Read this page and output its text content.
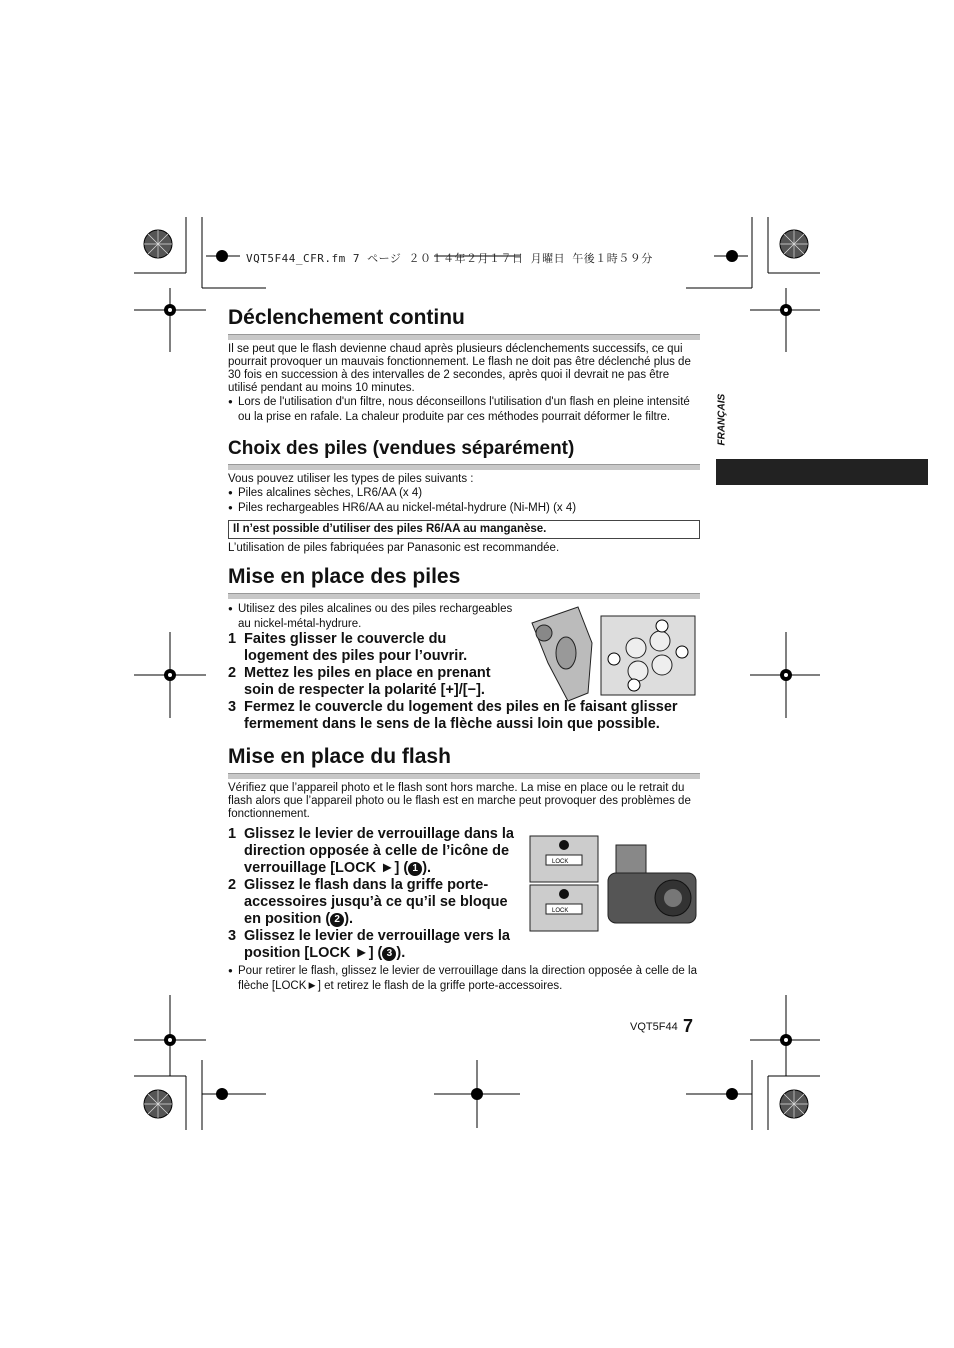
VQT5F44_CFR.fm 7 ページ ２０１４年２月１７日 月曜日 午後１時５９分
FRANÇAIS
Déclenchement continu

Il se peut que le flash devienne chaud après plusieurs déclenchements successifs, ce qui pourrait provoquer un mauvais fonctionnement. Le flash ne doit pas être déclenché plus de 30 fois en succession à des intervalles de 2 secondes, après quoi il devrait ne pas être utilisé pendant au moins 10 minutes.

● Lors de l'utilisation d'un filtre, nous déconseillons l'utilisation d'un flash en pleine intensité ou la prise en rafale. La chaleur produite par ces méthodes pourrait déformer le filtre.
Choix des piles (vendues séparément)

Vous pouvez utiliser les types de piles suivants :

● Piles alcalines sèches, LR6/AA (x 4)
● Piles rechargeables HR6/AA au nickel-métal-hydrure (Ni-MH) (x 4)
Il n’est possible d’utiliser des piles R6/AA au manganèse.

L’utilisation de piles fabriquées par Panasonic est recommandée.

Mise en place des piles
● Utilisez des piles alcalines ou des piles rechargeables au nickel-métal-hydrure.
1 Faites glisser le couvercle du logement des piles pour l’ouvrir.
2 Mettez les piles en place en prenant soin de respecter la polarité [+]/[−].
3 Fermez le couvercle du logement des piles en le faisant glisser fermement dans le sens de la flèche aussi loin que possible.
Mise en place du flash

Vérifiez que l’appareil photo et le flash sont hors marche. La mise en place ou le retrait du flash alors que l’appareil photo ou le flash est en marche peut provoquer des problèmes de fonctionnement.

1 Glissez le levier de verrouillage dans la direction opposée à celle de l’icône de verrouillage [LOCK ►] ( 1 ).
2 Glissez le flash dans la griffe porte-accessoires jusqu’à ce qu’il se bloque en position ( 2 ).
3 Glissez le levier de verrouillage vers la position [LOCK ►] ( 3 ).
● Pour retirer le flash, glissez le levier de verrouillage dans la direction opposée à celle de la flèche [LOCK►] et retirez le flash de la griffe porte-accessoires.
LOCK
LOCK
VQT5F44 7
